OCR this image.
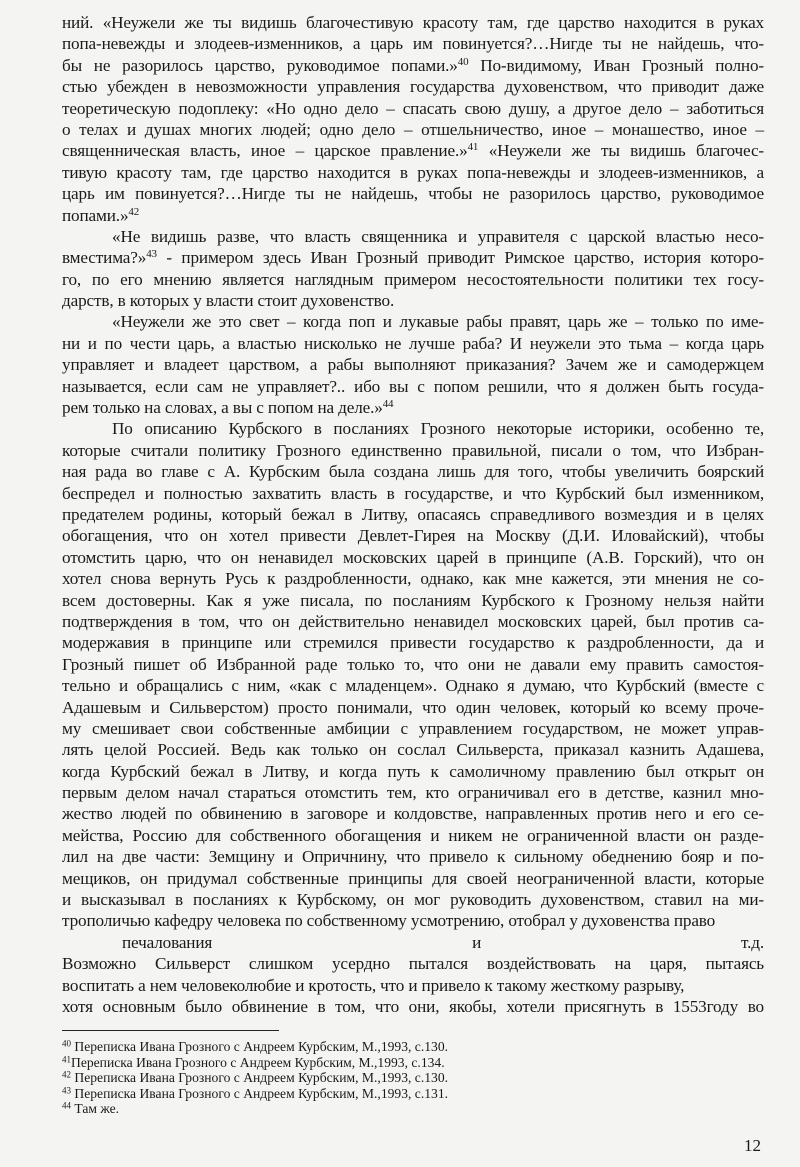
ний. «Неужели же ты видишь благочестивую красоту там, где царство находится в руках
попа-невежды и злодеев-изменников, а царь им повинуется?…Нигде ты не найдешь, что-
бы не разорилось царство, руководимое попами.»$^{40}$ По-видимому, Иван Грозный полно-
стью убежден в невозможности управления государства духовенством, что приводит даже
теоретическую подоплеку: «Но одно дело – спасать свою душу, а другое дело – заботиться
о телах и душах многих людей; одно дело – отшельничество, иное – монашество, иное –
священническая власть, иное – царское правление.»$^{41}$ «Неужели же ты видишь благочес-
тивую красоту там, где царство находится в руках попа-невежды и злодеев-изменников, а
царь им повинуется?…Нигде ты не найдешь, чтобы не разорилось царство, руководимое
попами.»$^{42}$
«Не видишь разве, что власть священника и управителя с царской властью несо-
вместима?»$^{43}$ - примером здесь Иван Грозный приводит Римское царство, история которо-
го, по его мнению является наглядным примером несостоятельности политики тех госу-
дарств, в которых у власти стоит духовенство.
«Неужели же это свет – когда поп и лукавые рабы правят, царь же – только по име-
ни и по чести царь, а властью нисколько не лучше раба? И неужели это тьма – когда царь
управляет и владеет царством, а рабы выполняют приказания? Зачем же и самодержцем
называется, если сам не управляет?.. ибо вы с попом решили, что я должен быть госуда-
рем только на словах, а вы с попом на деле.»$^{44}$
По описанию Курбского в посланиях Грозного некоторые историки, особенно те,
которые считали политику Грозного единственно правильной, писали о том, что Избран-
ная рада во главе с А. Курбским была создана лишь для того, чтобы увеличить боярский
беспредел и полностью захватить власть в государстве, и что Курбский был изменником,
предателем родины, который бежал в Литву, опасаясь справедливого возмездия и в целях
обогащения, что он хотел привести Девлет-Гирея на Москву (Д.И. Иловайский), чтобы
отомстить царю, что он ненавидел московских царей в принципе (А.В. Горский), что он
хотел снова вернуть Русь к раздробленности, однако, как мне кажется, эти мнения не со-
всем достоверны. Как я уже писала, по посланиям Курбского к Грозному нельзя найти
подтверждения в том, что он действительно ненавидел московских царей, был против са-
модержавия в принципе или стремился привести государство к раздробленности, да и
Грозный пишет об Избранной раде только то, что они не давали ему править самостоя-
тельно и обращались с ним, «как с младенцем». Однако я думаю, что Курбский (вместе с
Адашевым и Сильверстом) просто понимали, что один человек, который ко всему проче-
му смешивает свои собственные амбиции с управлением государством, не может управ-
лять целой Россией. Ведь как только он сослал Сильверста, приказал казнить Адашева,
когда Курбский бежал в Литву, и когда путь к самоличному правлению был открыт он
первым делом начал стараться отомстить тем, кто ограничивал его в детстве, казнил мно-
жество людей по обвинению в заговоре и колдовстве, направленных против него и его се-
мейства, Россию для собственного обогащения и никем не ограниченной власти он разде-
лил на две части: Земщину и Опричнину, что привело к сильному обеднению бояр и по-
мещиков, он придумал собственные принципы для своей неограниченной власти, которые
и высказывал в посланиях к Курбскому, он мог руководить духовенством, ставил на ми-
трополичью кафедру человека по собственному усмотрению, отобрал у духовенства право
печалования и т.д.
Возможно Сильверст слишком усердно пытался воздействовать на царя, пытаясь
воспитать а нем человеколюбие и кротость, что и привело к такому жесткому разрыву,
хотя основным было обвинение в том, что они, якобы, хотели присягнуть в 1553году во
$^{40}$ Переписка Ивана Грозного с Андреем Курбским, М.,1993, с.130.
$^{41}$Переписка Ивана Грозного с Андреем Курбским, М.,1993, с.134.
$^{42}$ Переписка Ивана Грозного с Андреем Курбским, М.,1993, с.130.
$^{43}$ Переписка Ивана Грозного с Андреем Курбским, М.,1993, с.131.
$^{44}$ Там же.
12
